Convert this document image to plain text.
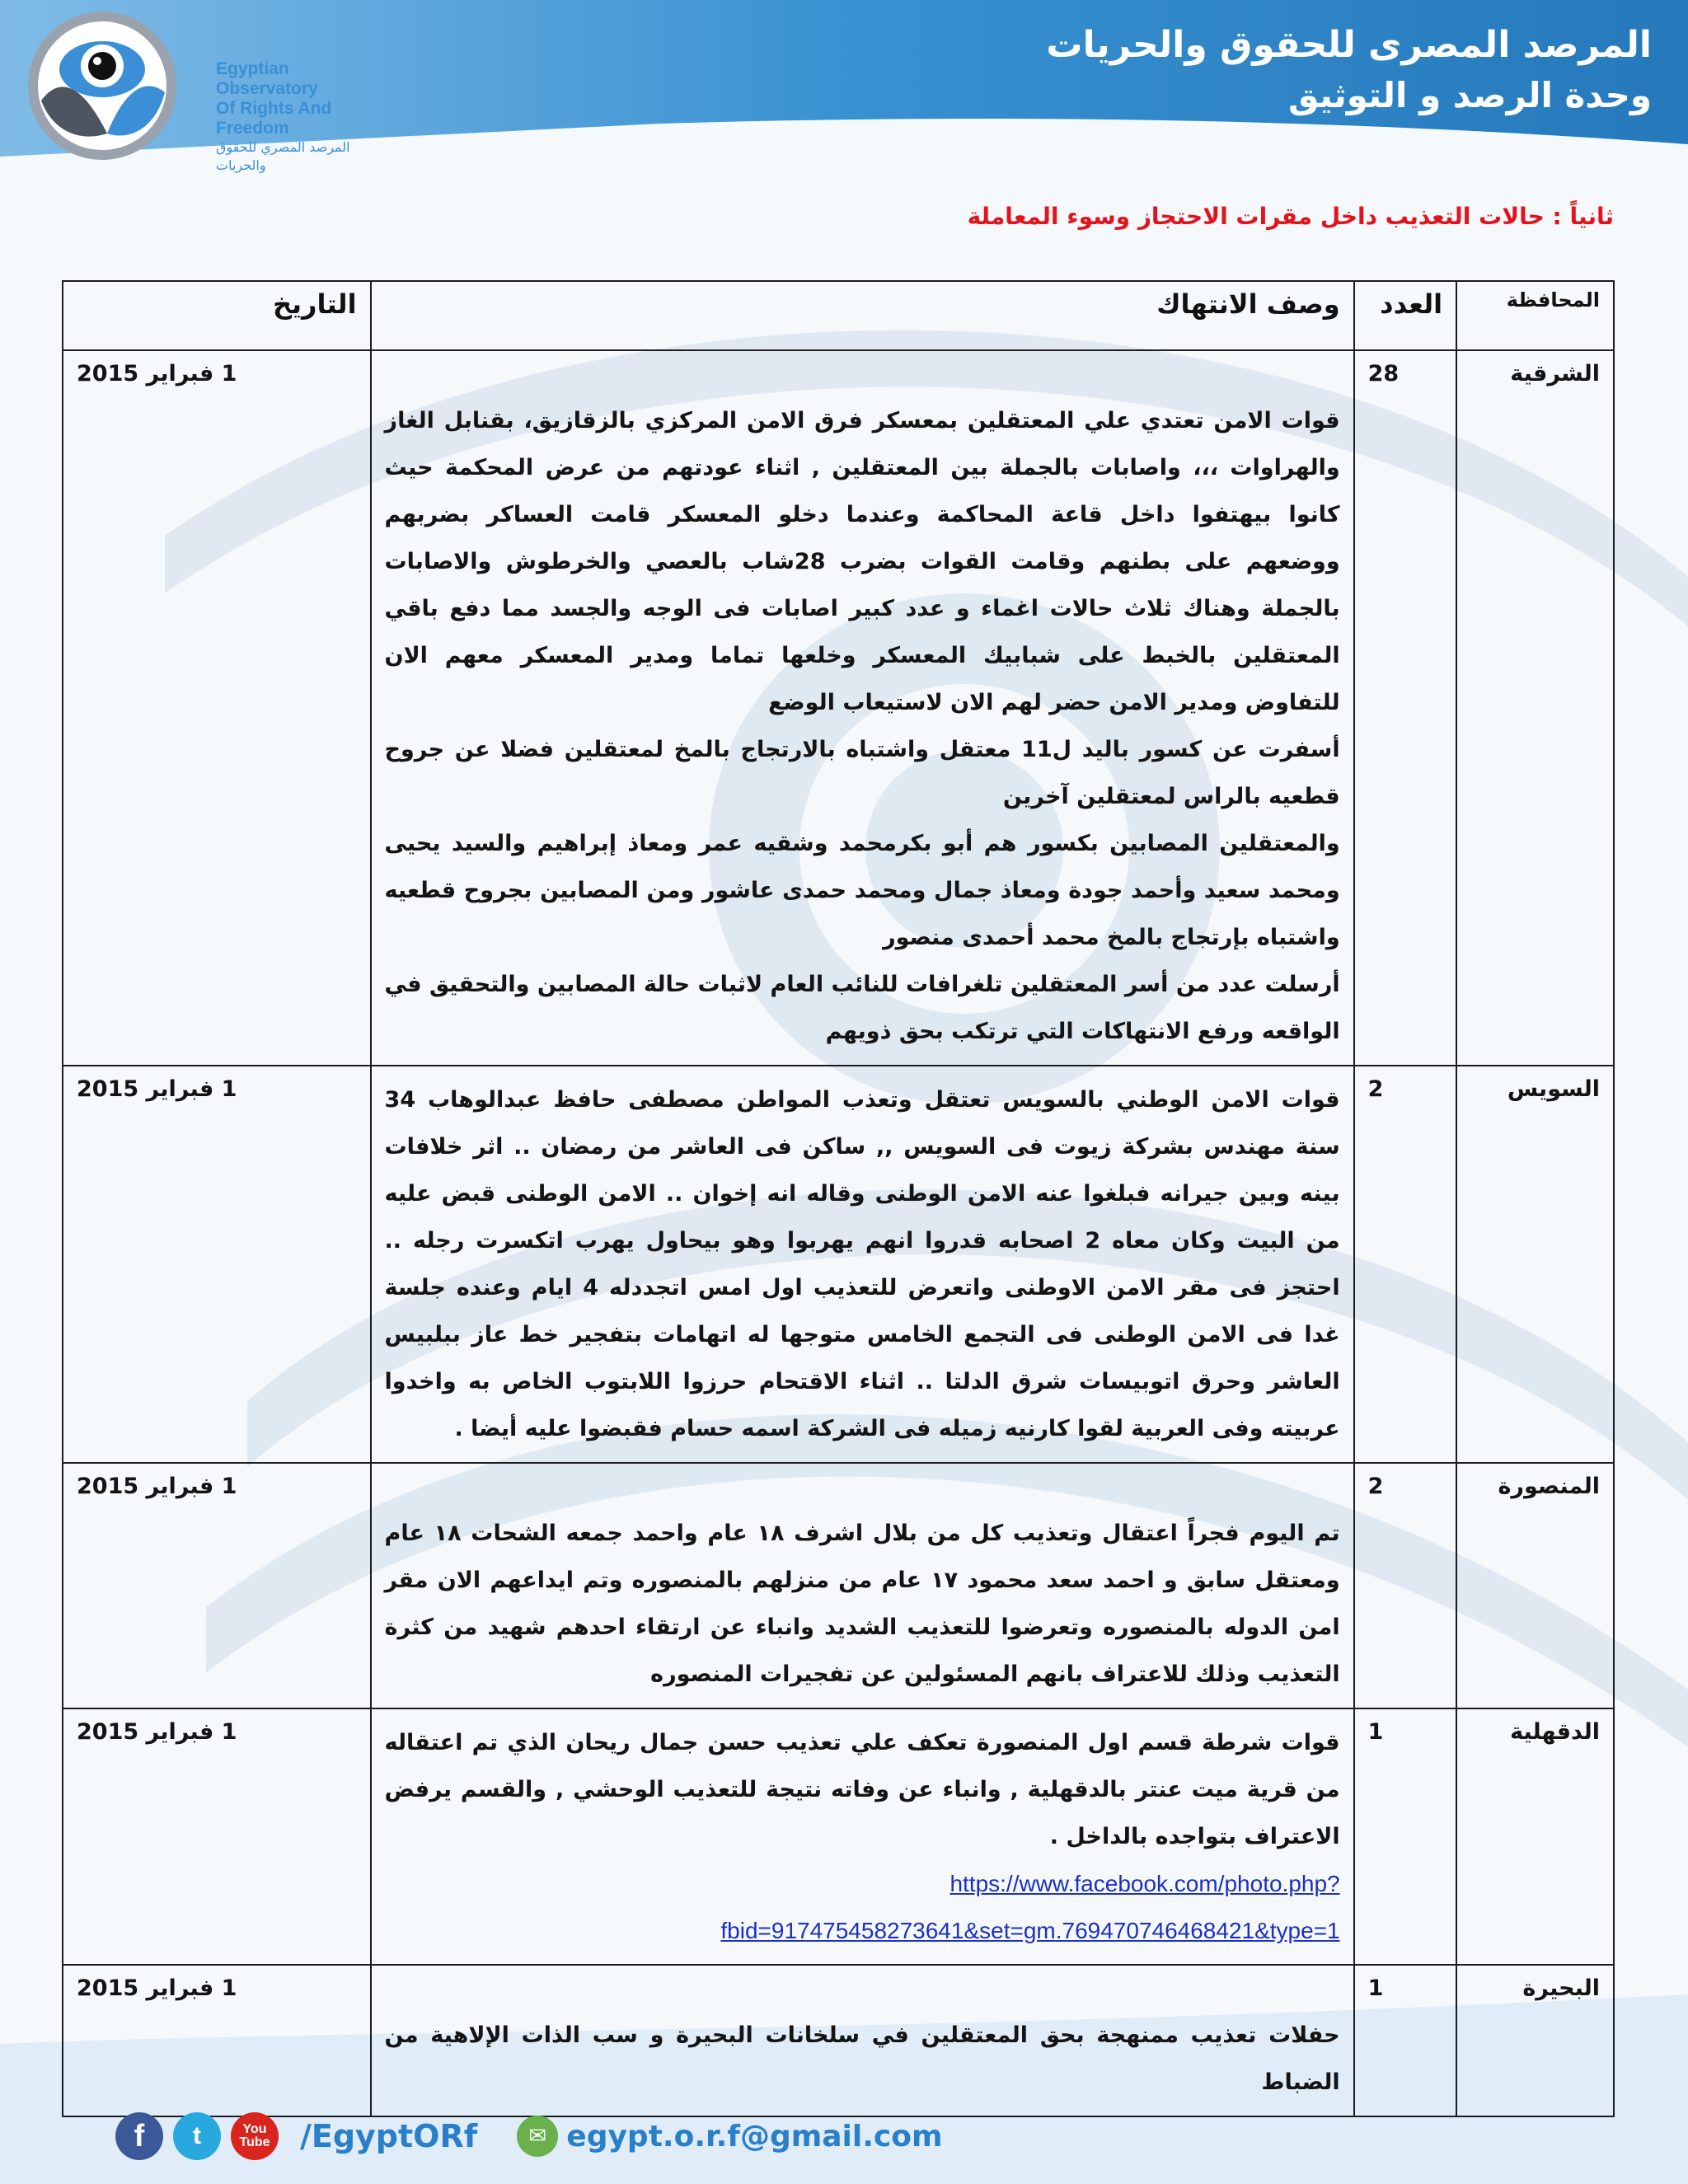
المرصد المصرى للحقوق والحريات
وحدة الرصد و التوثيق
Egyptian Observatory
Of Rights And Freedom
المرصد المصري للحقوق والحريات
ثانياً : حالات التعذيب داخل مقرات الاحتجاز وسوء المعاملة
المحافظة	العدد	وصف الانتهاك	التاريخ
الشرقية	28	قوات الامن تعتدي علي المعتقلين بمعسكر فرق الامن المركزي بالزقازيق، بقنابل الغاز والهراوات ،،، واصابات بالجملة بين المعتقلين , اثناء عودتهم من عرض المحكمة حيث كانوا بيهتفوا داخل قاعة المحاكمة وعندما دخلو المعسكر قامت العساكر بضربهم ووضعهم على بطنهم وقامت القوات بضرب 28شاب بالعصي والخرطوش والاصابات بالجملة وهناك ثلاث حالات اغماء و عدد كبير اصابات فى الوجه والجسد مما دفع باقي المعتقلين بالخبط على شبابيك المعسكر وخلعها تماما ومدير المعسكر معهم الان للتفاوض ومدير الامن حضر لهم الان لاستيعاب الوضع
أسفرت عن كسور باليد ل11 معتقل واشتباه بالارتجاج بالمخ لمعتقلين فضلا عن جروح قطعيه بالراس لمعتقلين آخرين
والمعتقلين المصابين بكسور هم أبو بكرمحمد وشقيه عمر ومعاذ إبراهيم والسيد يحيى ومحمد سعيد وأحمد جودة ومعاذ جمال ومحمد حمدى عاشور ومن المصابين بجروح قطعيه واشتباه بإرتجاج بالمخ محمد أحمدى منصور
أرسلت عدد من أسر المعتقلين تلغرافات للنائب العام لاثبات حالة المصابين والتحقيق في الواقعه ورفع الانتهاكات التي ترتكب بحق ذويهم	1 فبراير 2015
السويس	2	قوات الامن الوطني بالسويس تعتقل وتعذب المواطن مصطفى حافظ عبدالوهاب 34 سنة مهندس بشركة زيوت فى السويس ,, ساكن فى العاشر من رمضان .. اثر خلافات بينه وبين جيرانه فبلغوا عنه الامن الوطنى وقاله انه إخوان .. الامن الوطنى قبض عليه من البيت وكان معاه 2 اصحابه قدروا انهم يهربوا وهو بيحاول يهرب اتكسرت رجله .. احتجز فى مقر الامن الاوطنى واتعرض للتعذيب اول امس اتجددله 4 ايام وعنده جلسة غدا فى الامن الوطنى فى التجمع الخامس متوجها له اتهامات بتفجير خط عاز ببلبيس العاشر وحرق اتوبيسات شرق الدلتا .. اثناء الاقتحام حرزوا اللابتوب الخاص به واخدوا عربيته وفى العربية لقوا كارنيه زميله فى الشركة اسمه حسام فقبضوا عليه أيضا .	1 فبراير 2015
المنصورة	2	تم اليوم فجراً اعتقال وتعذيب كل من بلال اشرف ١٨ عام واحمد جمعه الشحات ١٨ عام ومعتقل سابق و احمد سعد محمود ١٧ عام من منزلهم بالمنصوره وتم ايداعهم الان مقر امن الدوله بالمنصوره وتعرضوا للتعذيب الشديد وانباء عن ارتقاء احدهم شهيد من كثرة التعذيب وذلك للاعتراف بانهم المسئولين عن تفجيرات المنصوره	1 فبراير 2015
الدقهلية	1	قوات شرطة قسم اول المنصورة تعكف علي تعذيب حسن جمال ريحان الذي تم اعتقاله من قرية ميت عنتر بالدقهلية , وانباء عن وفاته نتيجة للتعذيب الوحشي , والقسم يرفض الاعتراف بتواجده بالداخل .
https://www.facebook.com/photo.php?fbid=917475458273641&set=gm.769470746468421&type=1	1 فبراير 2015
البحيرة	1	حفلات تعذيب ممنهجة بحق المعتقلين في سلخانات البحيرة و سب الذات الإلاهية من الضباط	1 فبراير 2015
f	t	You
Tube /EgyptORf	✉ egypt.o.r.f@gmail.com
